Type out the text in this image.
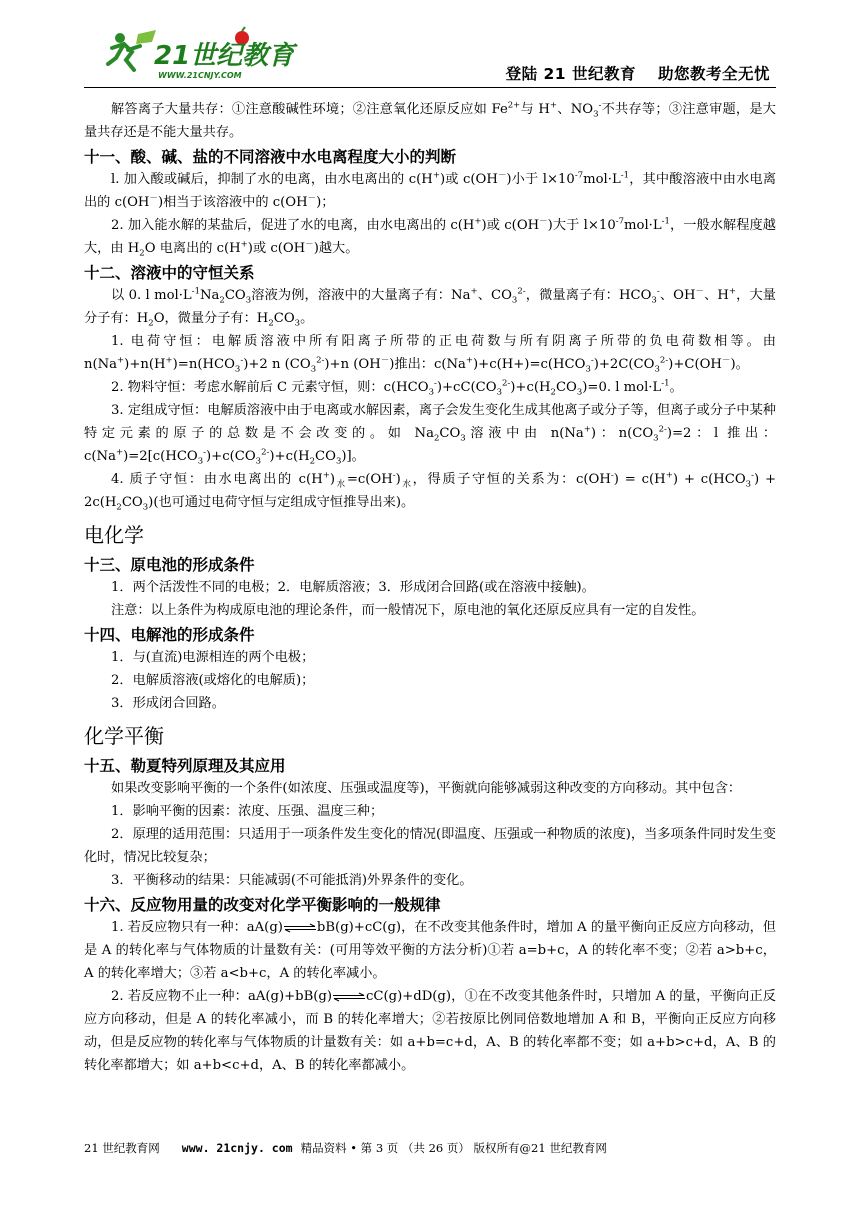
21世纪教育
WWW.21CNJY.COM	登陆 21 世纪教育 助您教考全无忧

解答离子大量共存：①注意酸碱性环境；②注意氧化还原反应如 $Fe^{2+}$与 H+、$NO_3^-$不共存等；③注意审题，是大量共存还是不能大量共存。

十一、酸、碱、盐的不同溶液中水电离程度大小的判断

l. 加入酸或碱后，抑制了水的电离，由水电离出的 c(H+)或 c(OH－)小于 $l\times 10^{-7}mol\cdot L^{-1}$，其中酸溶液中由水电离出的 c(OH－)相当于该溶液中的 c(OH－)；

2. 加入能水解的某盐后，促进了水的电离，由水电离出的 c(H+)或 c(OH－)大于 $l\times 10^{-7}mol\cdot L^{-1}$，一般水解程度越大，由 $H_2O$ 电离出的 c(H+)或 c(OH－)越大。

十二、溶液中的守恒关系

以 0. l $mol\cdot L^{-1}Na_2CO_3$溶液为例，溶液中的大量离子有：Na+、$CO_3^{2-}$，微量离子有：$HCO_3^-$、OH－、H+，大量分子有：$H_2O$，微量分子有：$H_2CO_3$。

1. 电荷守恒：电解质溶液中所有阳离子所带的正电荷数与所有阴离子所带的负电荷数相等。由 $n(Na^+)+n(H^+)=n(HCO_3^-)+2$ n $(CO_3^{2-})+n$ (OH－)推出：$c(Na^+)+c(H+)=c(HCO_3^-)+2C(CO_3^{2-})+C(OH^-)$。

2. 物料守恒：考虑水解前后 C 元素守恒，则：$c(HCO_3^-)+cC(CO_3^{2-})+c(H_2CO_3)=0$. l $mol\cdot L^{-1}$。

3. 定组成守恒：电解质溶液中由于电离或水解因素，离子会发生变化生成其他离子或分子等，但离子或分子中某种特定元素的原子的总数是不会改变的。如 $Na_2CO_3$溶液中由 n(Na+)：$n(CO_3^{2-})=2$：l 推出：$c(Na^+)=2[c(HCO_3^-)+c(CO_3^{2-})+c(H_2CO_3)]$。

4. 质子守恒：由水电离出的 $c(H^+)_水=c(OH^-)_水$，得质子守恒的关系为：$c(OH^-) = c(H^+) + c(HCO_3^-) + 2c(H_2CO_3)$(也可通过电荷守恒与定组成守恒推导出来)。

电化学
十三、原电池的形成条件

1．两个活泼性不同的电极；2．电解质溶液；3．形成闭合回路(或在溶液中接触)。

注意：以上条件为构成原电池的理论条件，而一般情况下，原电池的氧化还原反应具有一定的自发性。

十四、电解池的形成条件

1．与(直流)电源相连的两个电极；

2．电解质溶液(或熔化的电解质)；

3．形成闭合回路。

化学平衡
十五、勒夏特列原理及其应用

如果改变影响平衡的一个条件(如浓度、压强或温度等)，平衡就向能够减弱这种改变的方向移动。其中包含：

1．影响平衡的因素：浓度、压强、温度三种；

2．原理的适用范围：只适用于一项条件发生变化的情况(即温度、压强或一种物质的浓度)，当多项条件同时发生变化时，情况比较复杂；

3．平衡移动的结果：只能减弱(不可能抵消)外界条件的变化。

十六、反应物用量的改变对化学平衡影响的一般规律

1. 若反应物只有一种：aA(g)⇌bB(g)+cC(g)，在不改变其他条件时，增加 A 的量平衡向正反应方向移动，但是 A 的转化率与气体物质的计量数有关：(可用等效平衡的方法分析)①若 a=b+c，A 的转化率不变；②若 a>b+c，A 的转化率增大；③若 a<b+c，A 的转化率减小。

2. 若反应物不止一种：aA(g)+bB(g)⇌cC(g)+dD(g)，①在不改变其他条件时，只增加 A 的量，平衡向正反应方向移动，但是 A 的转化率减小，而 B 的转化率增大；②若按原比例同倍数地增加 A 和 B，平衡向正反应方向移动，但是反应物的转化率与气体物质的计量数有关：如 a+b=c+d，A、B 的转化率都不变；如 a+b>c+d，A、B 的转化率都增大；如 a+b<c+d，A、B 的转化率都减小。

21 世纪教育网 www. 21cnjy. com 精品资料 • 第 3 页 （共 26 页） 版权所有@21 世纪教育网
